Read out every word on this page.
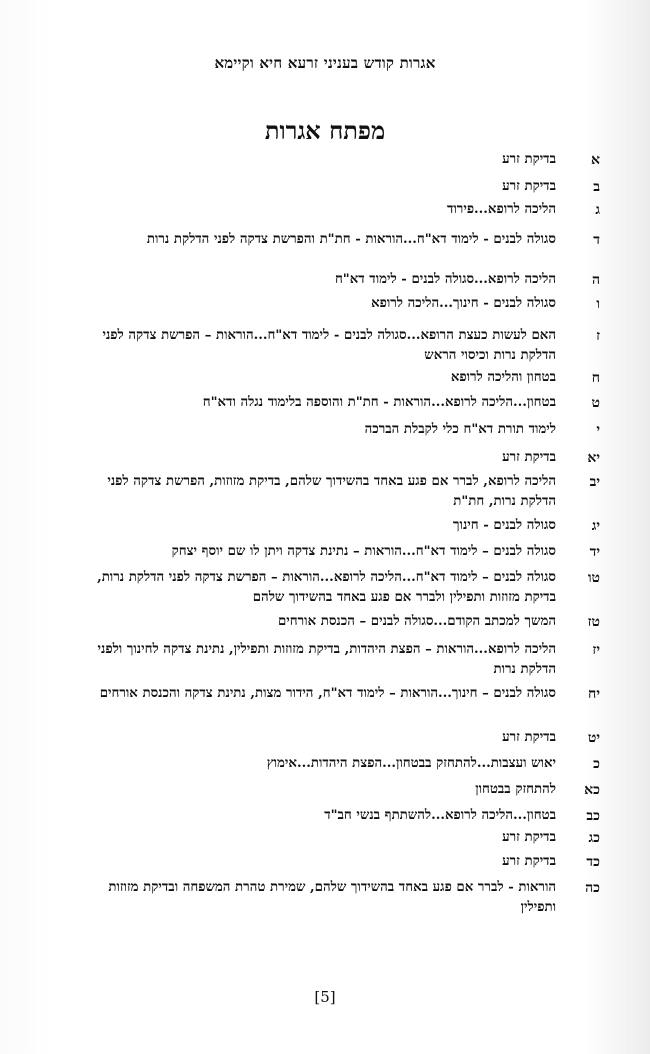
אגרות קודש בעניני זרעא חיא וקיימא
מפתח אגרות
א
בדיקת זרע
ב
בדיקת זרע
ג
הליכה לרופא...פירוד
ד
סגולה לבנים - לימוד דא"ח...הוראות - חת"ת והפרשת צדקה לפני הדלקת נרות
ה
הליכה לרופא...סגולה לבנים - לימוד דא"ח
ו
סגולה לבנים - חינוך...הליכה לרופא
ז
האם לעשות כעצת הרופא...סגולה לבנים - לימוד דא"ח...הוראות – הפרשת צדקה לפני הדלקת נרות וכיסוי הראש
ח
בטחון והליכה לרופא
ט
בטחון...הליכה לרופא...הוראות - חת"ת והוספה בלימוד נגלה ודא"ח
י
לימוד תורת דא"ח כלי לקבלת הברכה
יא
בדיקת זרע
יב
הליכה לרופא, לברר אם פגע באחד בהשידוך שלהם, בדיקת מזוזות, הפרשת צדקה לפני הדלקת נרות, חת"ת
יג
סגולה לבנים - חינוך
יד
סגולה לבנים – לימוד דא"ח...הוראות – נתינת צדקה ויתן לו שם יוסף יצחק
טו
סגולה לבנים – לימוד דא"ח...הליכה לרופא...הוראות – הפרשת צדקה לפני הדלקת נרות, בדיקת מזוזות ותפילין ולברר אם פגע באחד בהשידוך שלהם
טז
המשך למכתב הקודם...סגולה לבנים – הכנסת אורחים
יז
הליכה לרופא...הוראות – הפצת היהדות, בדיקת מזוזות ותפילין, נתינת צדקה לחינוך ולפני הדלקת נרות
יח
סגולה לבנים – חינוך...הוראות – לימוד דא"ח, הידור מצות, נתינת צדקה והכנסת אורחים
יט
בדיקת זרע
כ
יאוש ועצבות...להתחזק בבטחון...הפצת היהדות...אימוץ
כא
להתחזק בבטחון
כב
בטחון...הליכה לרופא...להשתתף בנשי חב"ד
כג
בדיקת זרע
כד
בדיקת זרע
כה
הוראות - לברר אם פגע באחד בהשידוך שלהם, שמירת טהרת המשפחה ובדיקת מזוזות ותפילין
[5]
